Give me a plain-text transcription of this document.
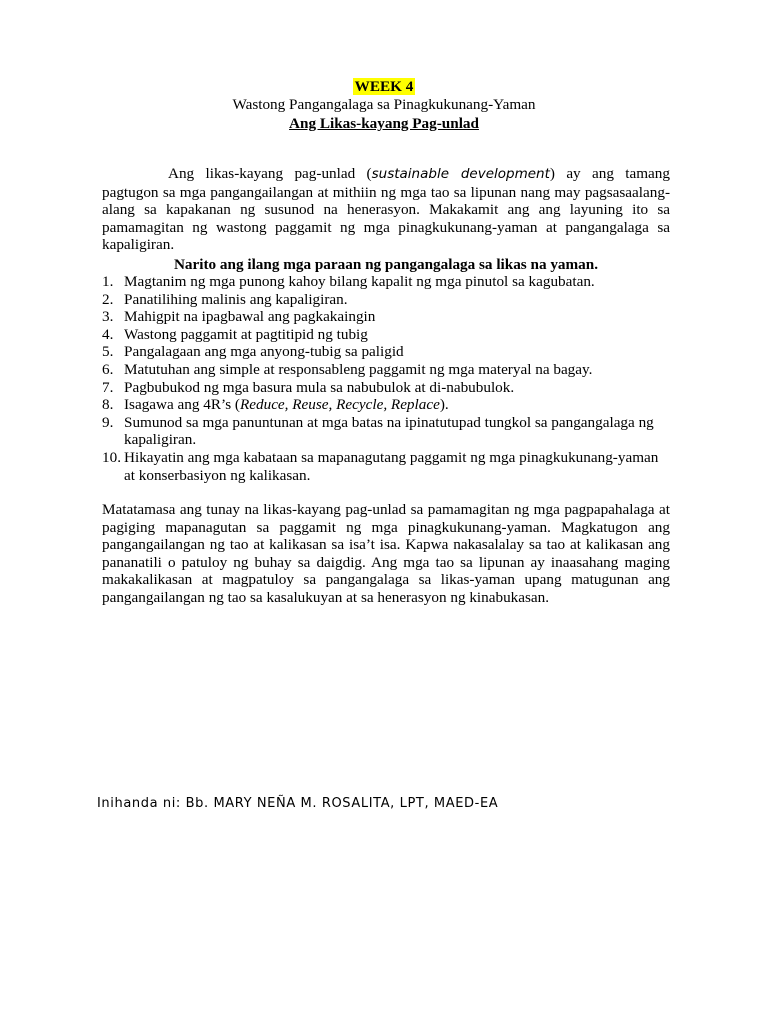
WEEK 4
Wastong Pangangalaga sa Pinagkukunang-Yaman
Ang Likas-kayang Pag-unlad

Ang likas-kayang pag-unlad (sustainable development) ay ang tamang pagtugon sa mga pangangailangan at mithiin ng mga tao sa lipunan nang may pagsasaalang-alang sa kapakanan ng susunod na henerasyon. Makakamit ang ang layuning ito sa pamamagitan ng wastong paggamit ng mga pinagkukunang-yaman at pangangalaga sa kapaligiran.

Narito ang ilang mga paraan ng pangangalaga sa likas na yaman.
1. Magtanim ng mga punong kahoy bilang kapalit ng mga pinutol sa kagubatan.
2. Panatilihing malinis ang kapaligiran.
3. Mahigpit na ipagbawal ang pagkakaingin
4. Wastong paggamit at pagtitipid ng tubig
5. Pangalagaan ang mga anyong-tubig sa paligid
6. Matutuhan ang simple at responsableng paggamit ng mga materyal na bagay.
7. Pagbubukod ng mga basura mula sa nabubulok at di-nabubulok.
8. Isagawa ang 4R’s (Reduce, Reuse, Recycle, Replace).
9. Sumunod sa mga panuntunan at mga batas na ipinatutupad tungkol sa pangangalaga ng kapaligiran.
10. Hikayatin ang mga kabataan sa mapanagutang paggamit ng mga pinagkukunang-yaman at konserbasiyon ng kalikasan.

Matatamasa ang tunay na likas-kayang pag-unlad sa pamamagitan ng mga pagpapahalaga at pagiging mapanagutan sa paggamit ng mga pinagkukunang-yaman. Magkatugon ang pangangailangan ng tao at kalikasan sa isa’t isa. Kapwa nakasalalay sa tao at kalikasan ang pananatili o patuloy ng buhay sa daigdig. Ang mga tao sa lipunan ay inaasahang maging makakalikasan at magpatuloy sa pangangalaga sa likas-yaman upang matugunan ang pangangailangan ng tao sa kasalukuyan at sa henerasyon ng kinabukasan.

Inihanda ni: Bb. MARY NEÑA M. ROSALITA, LPT, MAED-EA
